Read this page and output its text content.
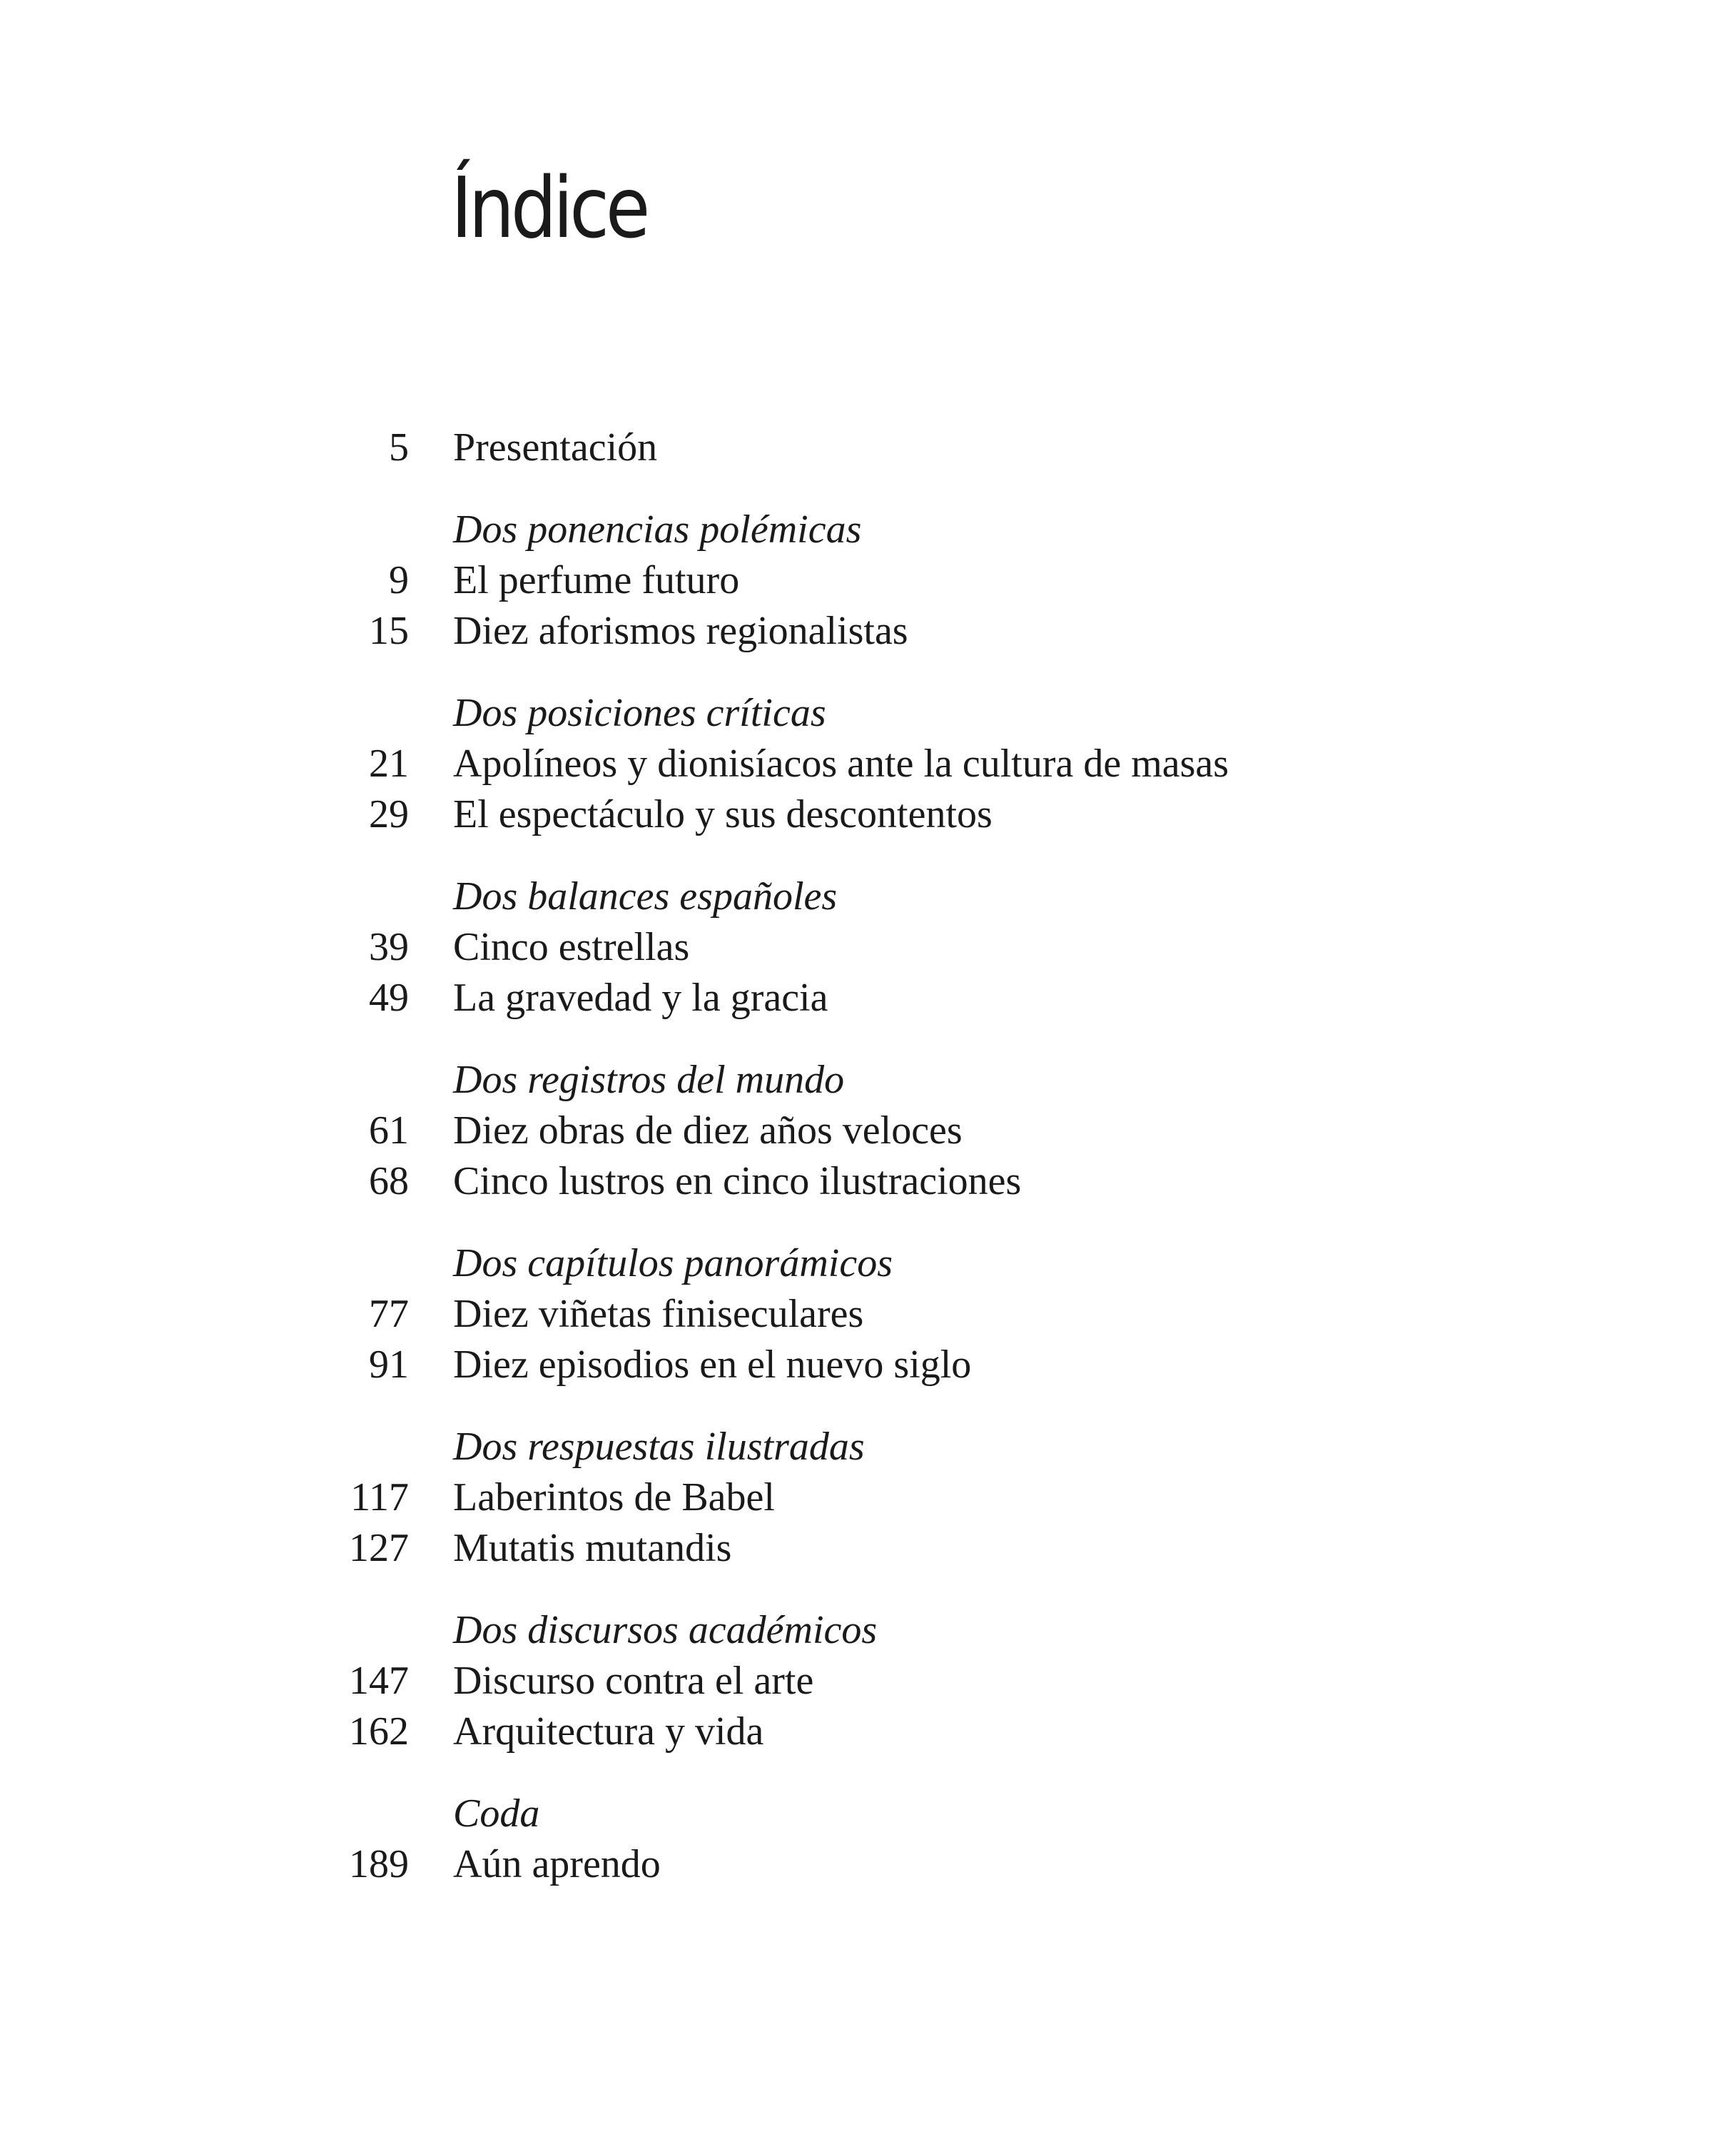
Índice
5 Presentación
Dos ponencias polémicas
9 El perfume futuro
15 Diez aforismos regionalistas
Dos posiciones críticas
21 Apolíneos y dionisíacos ante la cultura de masas
29 El espectáculo y sus descontentos
Dos balances españoles
39 Cinco estrellas
49 La gravedad y la gracia
Dos registros del mundo
61 Diez obras de diez años veloces
68 Cinco lustros en cinco ilustraciones
Dos capítulos panorámicos
77 Diez viñetas finiseculares
91 Diez episodios en el nuevo siglo
Dos respuestas ilustradas
117 Laberintos de Babel
127 Mutatis mutandis
Dos discursos académicos
147 Discurso contra el arte
162 Arquitectura y vida
Coda
189 Aún aprendo
